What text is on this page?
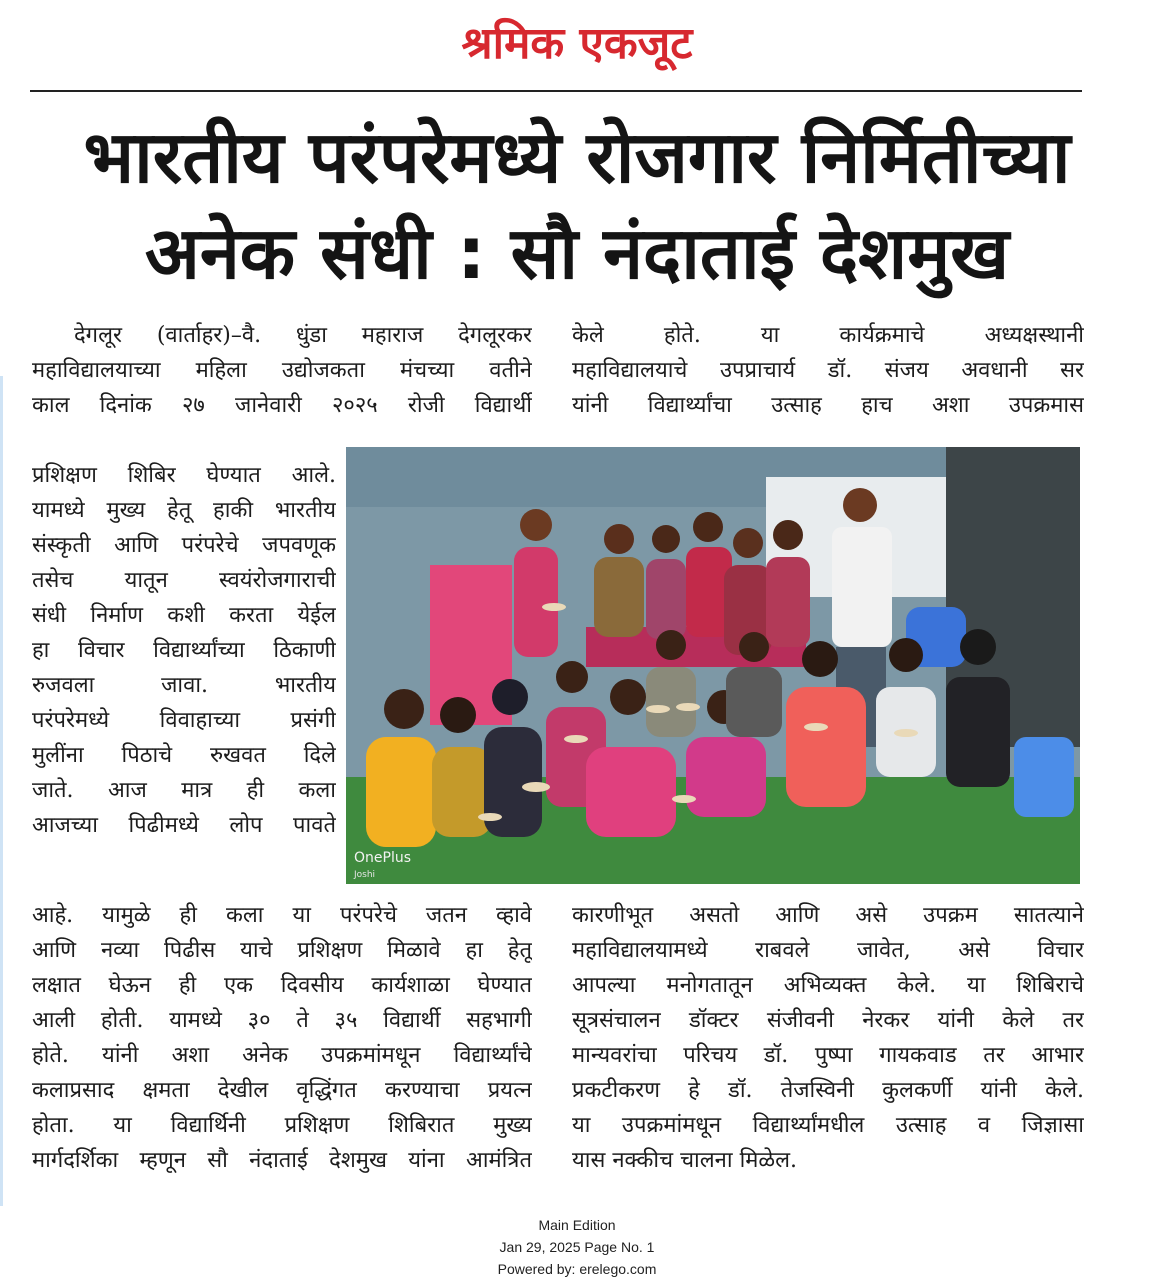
श्रमिक एकजूट
भारतीय परंपरेमध्ये रोजगार निर्मितीच्या
अनेक संधी : सौ नंदाताई देशमुख
देगलूर (वार्ताहर)–वै. धुंडा महाराज देगलूरकर
महाविद्यालयाच्या महिला उद्योजकता मंचच्या वतीने
काल दिनांक २७ जानेवारी २०२५ रोजी विद्यार्थी
प्रशिक्षण शिबिर घेण्यात आले.
यामध्ये मुख्य हेतू हाकी भारतीय
संस्कृती आणि परंपरेचे जपवणूक
तसेच यातून स्वयंरोजगाराची
संधी निर्माण कशी करता येईल
हा विचार विद्यार्थ्यांच्या ठिकाणी
रुजवला जावा. भारतीय
परंपरेमध्ये विवाहाच्या प्रसंगी
मुलींना पिठाचे रुखवत दिले
जाते. आज मात्र ही कला
आजच्या पिढीमध्ये लोप पावते
आहे. यामुळे ही कला या परंपरेचे जतन व्हावे
आणि नव्या पिढीस याचे प्रशिक्षण मिळावे हा हेतू
लक्षात घेऊन ही एक दिवसीय कार्यशाळा घेण्यात
आली होती. यामध्ये ३० ते ३५ विद्यार्थी सहभागी
होते. यांनी अशा अनेक उपक्रमांमधून विद्यार्थ्यांचे
कलाप्रसाद क्षमता देखील वृद्धिंगत करण्याचा प्रयत्न
होता. या विद्यार्थिनी प्रशिक्षण शिबिरात मुख्य
मार्गदर्शिका म्हणून सौ नंदाताई देशमुख यांना आमंत्रित
केले होते. या कार्यक्रमाचे अध्यक्षस्थानी
महाविद्यालयाचे उपप्राचार्य डॉ. संजय अवधानी सर
यांनी विद्यार्थ्यांचा उत्साह हाच अशा उपक्रमास
कारणीभूत असतो आणि असे उपक्रम सातत्याने
महाविद्यालयामध्ये राबवले जावेत, असे विचार
आपल्या मनोगतातून अभिव्यक्त केले. या शिबिराचे
सूत्रसंचालन डॉक्टर संजीवनी नेरकर यांनी केले तर
मान्यवरांचा परिचय डॉ. पुष्पा गायकवाड तर आभार
प्रकटीकरण हे डॉ. तेजस्विनी कुलकर्णी यांनी केले.
या उपक्रमांमधून विद्यार्थ्यांमधील उत्साह व जिज्ञासा
यास नक्कीच चालना मिळेल.
OnePlus
Joshi
Main Edition
Jan 29, 2025 Page No. 1
Powered by: erelego.com
